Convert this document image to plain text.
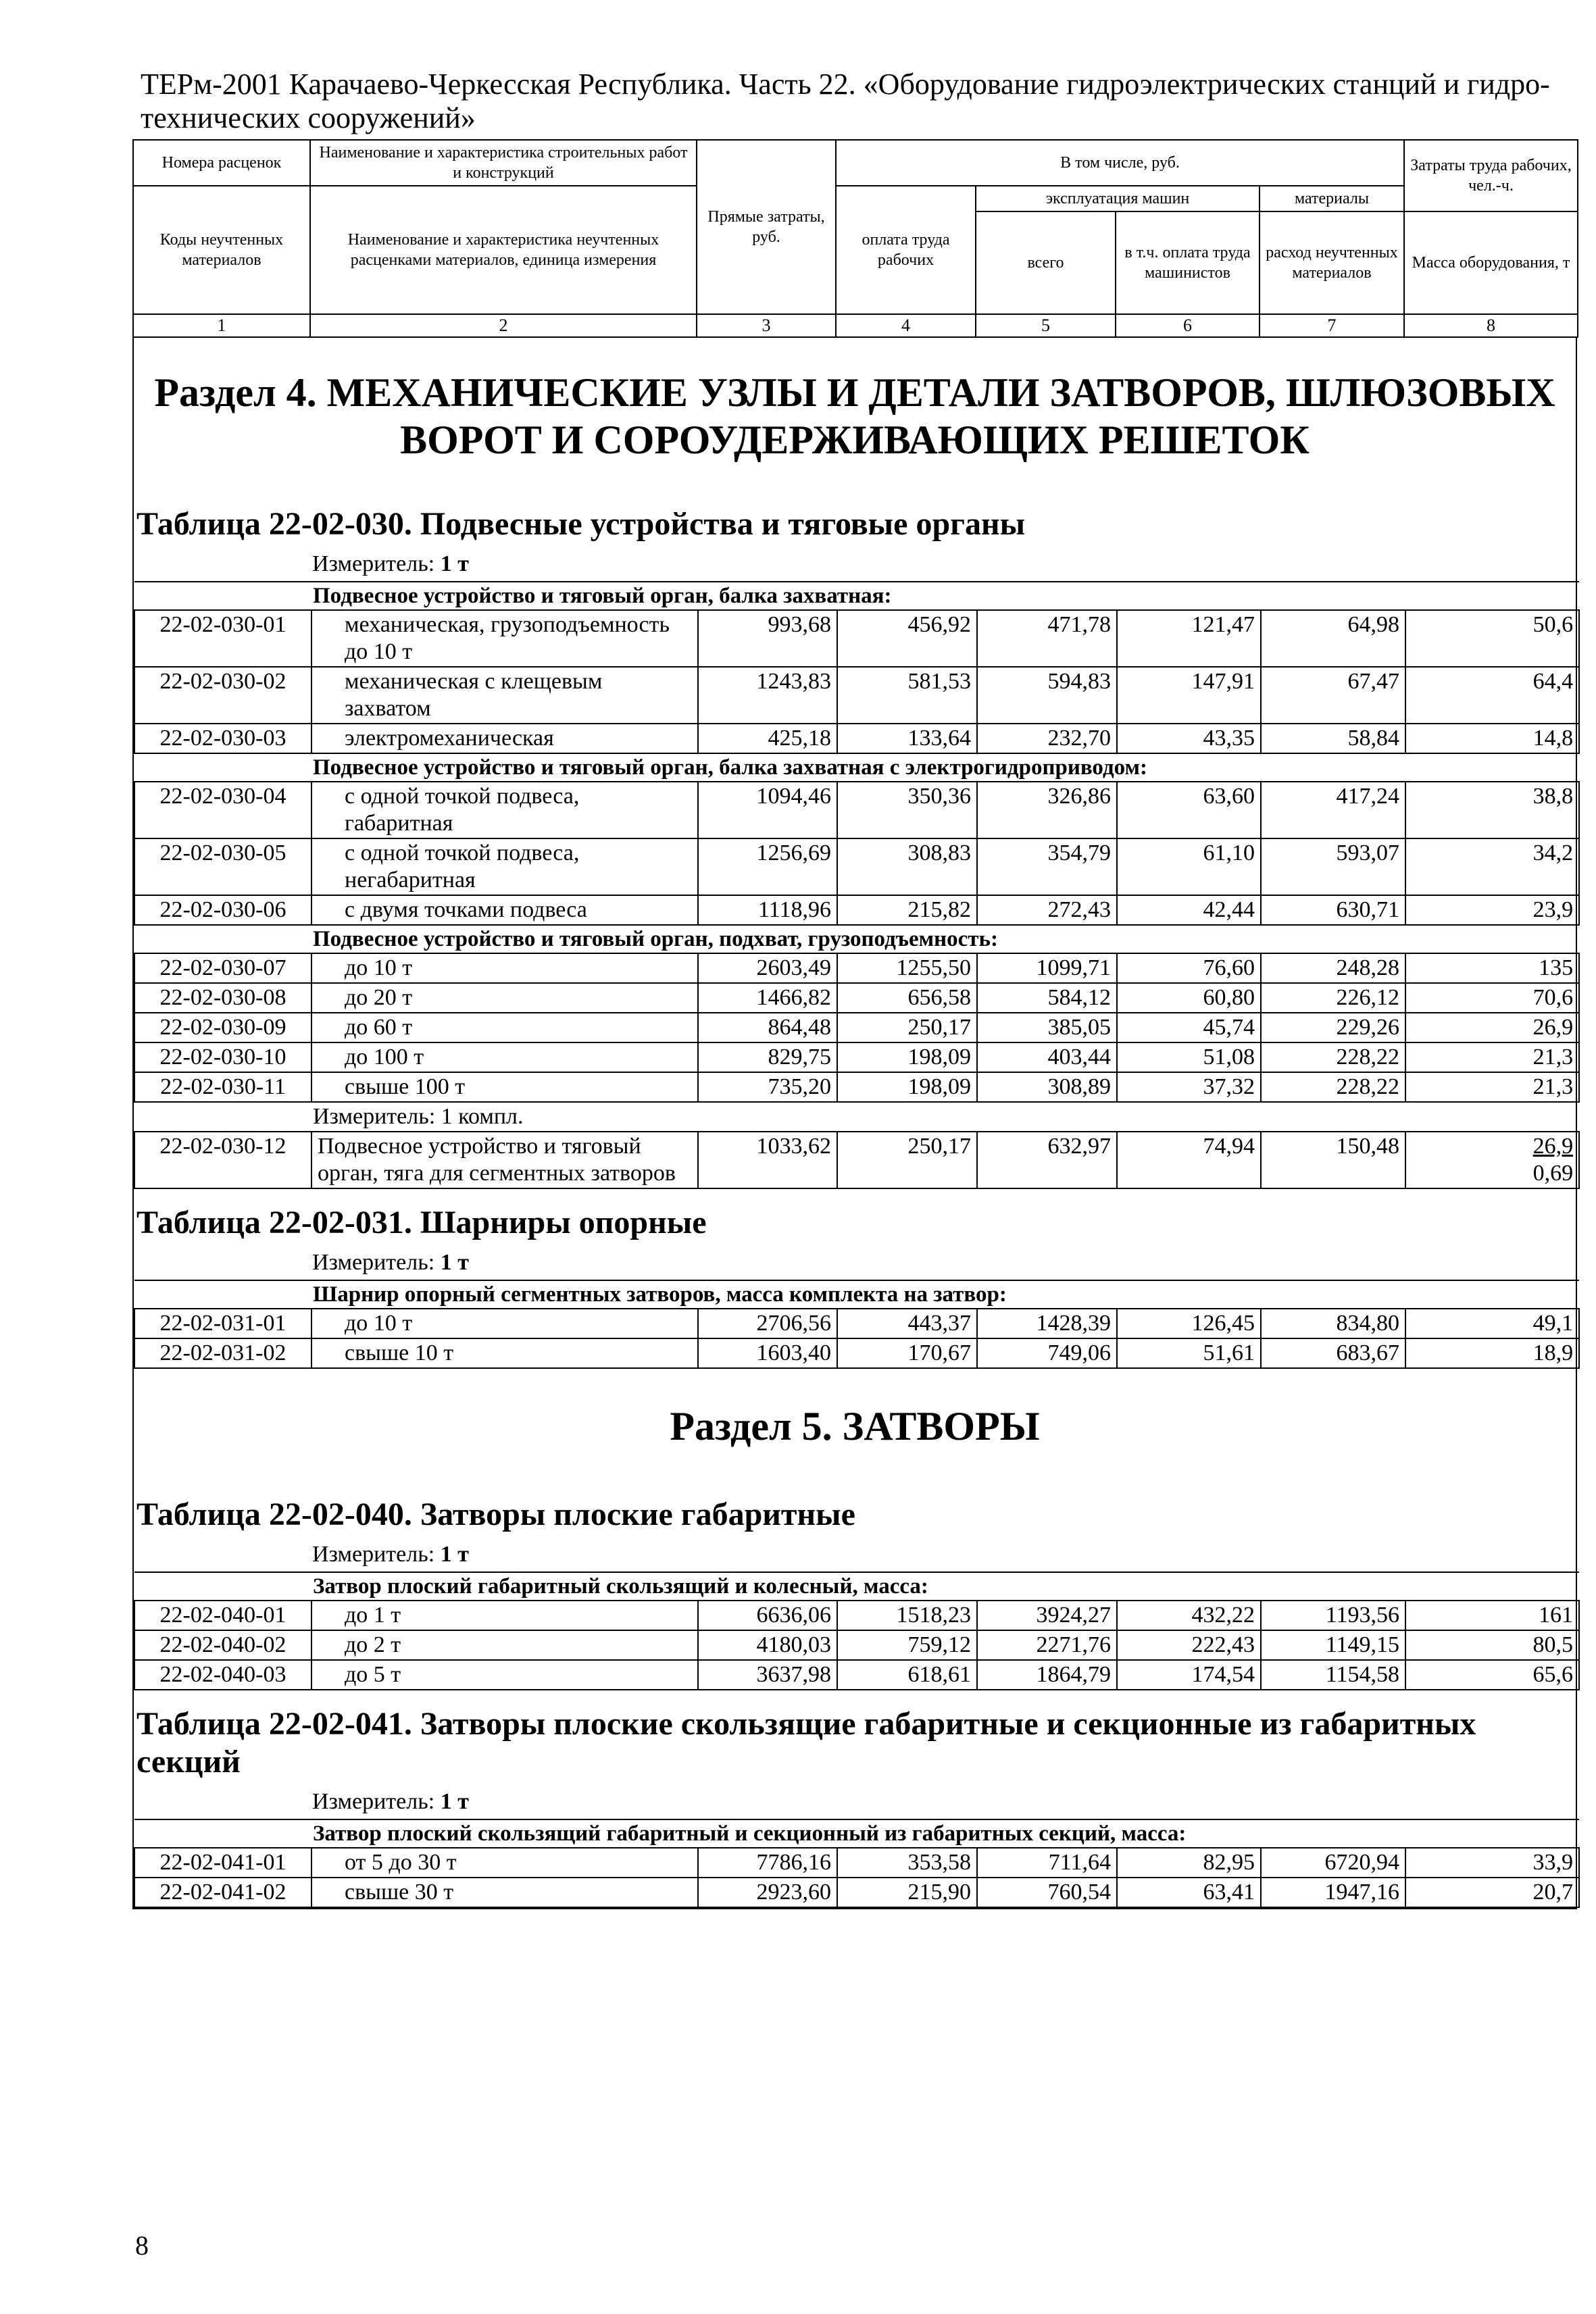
ТЕРм-2001 Карачаево-Черкесская Республика. Часть 22. «Оборудование гидроэлектрических станций и гидро-технических сооружений»
Номера расценок	Наименование и характеристика строительных работ и конструкций	Прямые затраты, руб.	В том числе, руб.				Затраты труда рабочих, чел.-ч.
Коды неучтенных материалов	Наименование и характеристика неучтенных расценками материалов, единица измерения		оплата труда рабочих	эксплуатация машин		материалы	
				всего	в т.ч. оплата труда машинистов	расход неучтенных материалов	Масса оборудования, т
1	2	3	4	5	6	7	8
Раздел 4. МЕХАНИЧЕСКИЕ УЗЛЫ И ДЕТАЛИ ЗАТВОРОВ, ШЛЮЗОВЫХ ВОРОТ И СОРОУДЕРЖИВАЮЩИХ РЕШЕТОК
Таблица 22-02-030. Подвесные устройства и тяговые органы
Измеритель: 1 т
Подвесное устройство и тяговый орган, балка захватная:							
22-02-030-01	механическая, грузоподъемность до 10 т	993,68	456,92	471,78	121,47	64,98	50,6
22-02-030-02	механическая с клещевым захватом	1243,83	581,53	594,83	147,91	67,47	64,4
22-02-030-03	электромеханическая	425,18	133,64	232,70	43,35	58,84	14,8
Подвесное устройство и тяговый орган, балка захватная с электрогидроприводом:							
22-02-030-04	с одной точкой подвеса, габаритная	1094,46	350,36	326,86	63,60	417,24	38,8
22-02-030-05	с одной точкой подвеса, негабаритная	1256,69	308,83	354,79	61,10	593,07	34,2
22-02-030-06	с двумя точками подвеса	1118,96	215,82	272,43	42,44	630,71	23,9
Подвесное устройство и тяговый орган, подхват, грузоподъемность:							
22-02-030-07	до 10 т	2603,49	1255,50	1099,71	76,60	248,28	135
22-02-030-08	до 20 т	1466,82	656,58	584,12	60,80	226,12	70,6
22-02-030-09	до 60 т	864,48	250,17	385,05	45,74	229,26	26,9
22-02-030-10	до 100 т	829,75	198,09	403,44	51,08	228,22	21,3
22-02-030-11	свыше 100 т	735,20	198,09	308,89	37,32	228,22	21,3
Измеритель: 1 компл.							
22-02-030-12	Подвесное устройство и тяговый орган, тяга для сегментных затворов	1033,62	250,17	632,97	74,94	150,48	26,9
0,69
Таблица 22-02-031. Шарниры опорные
Измеритель: 1 т
Шарнир опорный сегментных затворов, масса комплекта на затвор:							
22-02-031-01	до 10 т	2706,56	443,37	1428,39	126,45	834,80	49,1
22-02-031-02	свыше 10 т	1603,40	170,67	749,06	51,61	683,67	18,9
Раздел 5. ЗАТВОРЫ
Таблица 22-02-040. Затворы плоские габаритные
Измеритель: 1 т
Затвор плоский габаритный скользящий и колесный, масса:							
22-02-040-01	до 1 т	6636,06	1518,23	3924,27	432,22	1193,56	161
22-02-040-02	до 2 т	4180,03	759,12	2271,76	222,43	1149,15	80,5
22-02-040-03	до 5 т	3637,98	618,61	1864,79	174,54	1154,58	65,6
Таблица 22-02-041. Затворы плоские скользящие габаритные и секционные из габаритных секций
Измеритель: 1 т
Затвор плоский скользящий габаритный и секционный из габаритных секций, масса:							
22-02-041-01	от 5 до 30 т	7786,16	353,58	711,64	82,95	6720,94	33,9
22-02-041-02	свыше 30 т	2923,60	215,90	760,54	63,41	1947,16	20,7
8
